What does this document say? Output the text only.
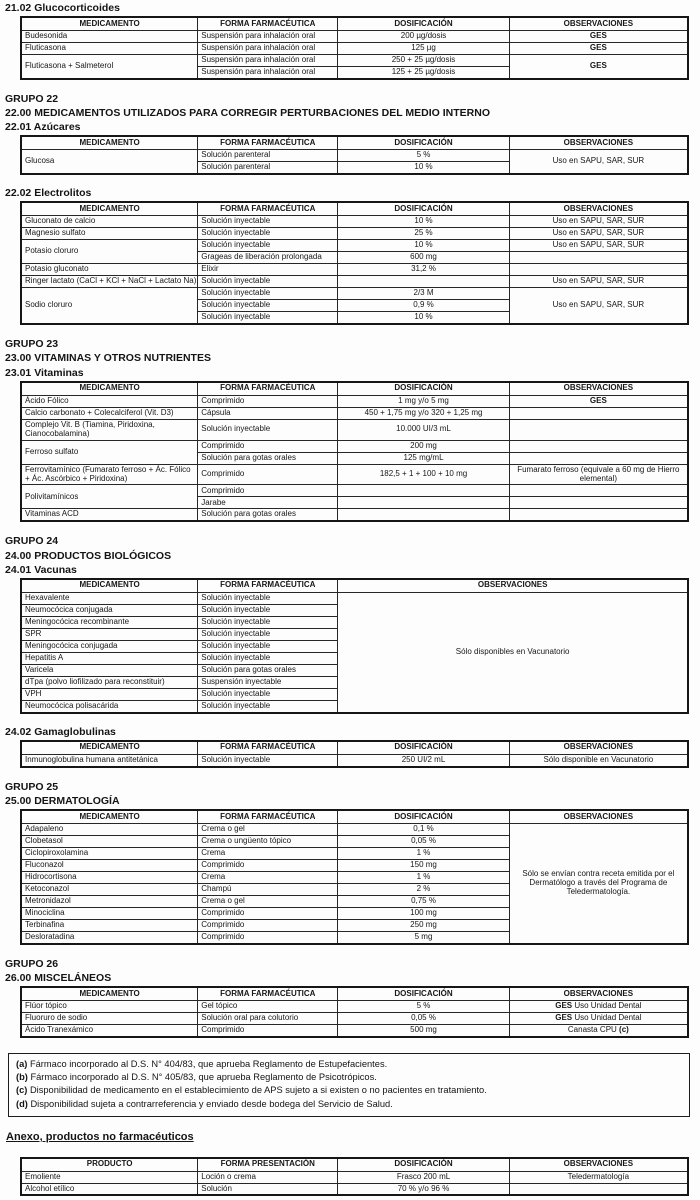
21.02 Glucocorticoides
MEDICAMENTO	FORMA FARMACÉUTICA	DOSIFICACIÓN	OBSERVACIONES
Budesonida	Suspensión para inhalación oral	200 µg/dosis	GES
Fluticasona	Suspensión para inhalación oral	125 µg	GES
Fluticasona + Salmeterol	Suspensión para inhalación oral	250 + 25 µg/dosis	GES
	Suspensión para inhalación oral	125 + 25 µg/dosis	
GRUPO 22
22.00 MEDICAMENTOS UTILIZADOS PARA CORREGIR PERTURBACIONES DEL MEDIO INTERNO
22.01 Azúcares
MEDICAMENTO	FORMA FARMACÉUTICA	DOSIFICACIÓN	OBSERVACIONES
Glucosa	Solución parenteral	5 %	Uso en SAPU, SAR, SUR
	Solución parenteral	10 %	
22.02 Electrolitos
MEDICAMENTO	FORMA FARMACÉUTICA	DOSIFICACIÓN	OBSERVACIONES
Gluconato de calcio	Solución inyectable	10 %	Uso en SAPU, SAR, SUR
Magnesio sulfato	Solución inyectable	25 %	Uso en SAPU, SAR, SUR
Potasio cloruro	Solución inyectable	10 %	Uso en SAPU, SAR, SUR
	Grageas de liberación prolongada	600 mg	
Potasio gluconato	Elixir	31,2 %	
Ringer lactato (CaCl + KCl + NaCl + Lactato Na)	Solución inyectable		Uso en SAPU, SAR, SUR
Sodio cloruro	Solución inyectable	2/3 M	Uso en SAPU, SAR, SUR
	Solución inyectable	0,9 %	
	Solución inyectable	10 %	
GRUPO 23
23.00 VITAMINAS Y OTROS NUTRIENTES
23.01 Vitaminas
MEDICAMENTO	FORMA FARMACÉUTICA	DOSIFICACIÓN	OBSERVACIONES
Ácido Fólico	Comprimido	1 mg y/o 5 mg	GES
Calcio carbonato + Colecalciferol (Vit. D3)	Cápsula	450 + 1,75 mg y/o 320 + 1,25 mg	
Complejo Vit. B (Tiamina, Piridoxina, Cianocobalamina)	Solución inyectable	10.000 UI/3 mL	
Ferroso sulfato	Comprimido	200 mg	
	Solución para gotas orales	125 mg/mL	
Ferrovitamínico (Fumarato ferroso + Ác. Fólico + Ác. Ascórbico + Piridoxina)	Comprimido	182,5 + 1 + 100 + 10 mg	Fumarato ferroso (equivale a 60 mg de Hierro elemental)
Polivitamínicos	Comprimido		
	Jarabe		
Vitaminas ACD	Solución para gotas orales		
GRUPO 24
24.00 PRODUCTOS BIOLÓGICOS
24.01 Vacunas
MEDICAMENTO	FORMA FARMACÉUTICA	OBSERVACIONES
Hexavalente	Solución inyectable	Sólo disponibles en Vacunatorio
Neumocócica conjugada	Solución inyectable	
Meningocócica recombinante	Solución inyectable	
SPR	Solución inyectable	
Meningocócica conjugada	Solución inyectable	
Hepatitis A	Solución inyectable	
Varicela	Solución para gotas orales	
dTpa (polvo liofilizado para reconstituir)	Suspensión inyectable	
VPH	Solución inyectable	
Neumocócica polisacárida	Solución inyectable	
24.02 Gamaglobulinas
MEDICAMENTO	FORMA FARMACÉUTICA	DOSIFICACIÓN	OBSERVACIONES
Inmunoglobulina humana antitetánica	Solución inyectable	250 UI/2 mL	Sólo disponible en Vacunatorio
GRUPO 25
25.00 DERMATOLOGÍA
MEDICAMENTO	FORMA FARMACÉUTICA	DOSIFICACIÓN	OBSERVACIONES
Adapaleno	Crema o gel	0,1 %	Sólo se envían contra receta emitida por el Dermatólogo a través del Programa de Teledermatología.
Clobetasol	Crema o ungüento tópico	0,05 %	
Ciclopiroxolamina	Crema	1 %	
Fluconazol	Comprimido	150 mg	
Hidrocortisona	Crema	1 %	
Ketoconazol	Champú	2 %	
Metronidazol	Crema o gel	0,75 %	
Minociclina	Comprimido	100 mg	
Terbinafina	Comprimido	250 mg	
Desloratadina	Comprimido	5 mg	
GRUPO 26
26.00 MISCELÁNEOS
MEDICAMENTO	FORMA FARMACÉUTICA	DOSIFICACIÓN	OBSERVACIONES
Flúor tópico	Gel tópico	5 %	GES Uso Unidad Dental
Fluoruro de sodio	Solución oral para colutorio	0,05 %	GES Uso Unidad Dental
Ácido Tranexámico	Comprimido	500 mg	Canasta CPU (c)
(a) Fármaco incorporado al D.S. N° 404/83, que aprueba Reglamento de Estupefacientes.
(b) Fármaco incorporado al D.S. N° 405/83, que aprueba Reglamento de Psicotrópicos.
(c) Disponibilidad de medicamento en el establecimiento de APS sujeto a si existen o no pacientes en tratamiento.
(d) Disponibilidad sujeta a contrarreferencia y enviado desde bodega del Servicio de Salud.
Anexo, productos no farmacéuticos
PRODUCTO	FORMA PRESENTACIÓN	DOSIFICACIÓN	OBSERVACIONES
Emoliente	Loción o crema	Frasco 200 mL	Teledermatología
Alcohol etílico	Solución	70 % y/o 96 %	
